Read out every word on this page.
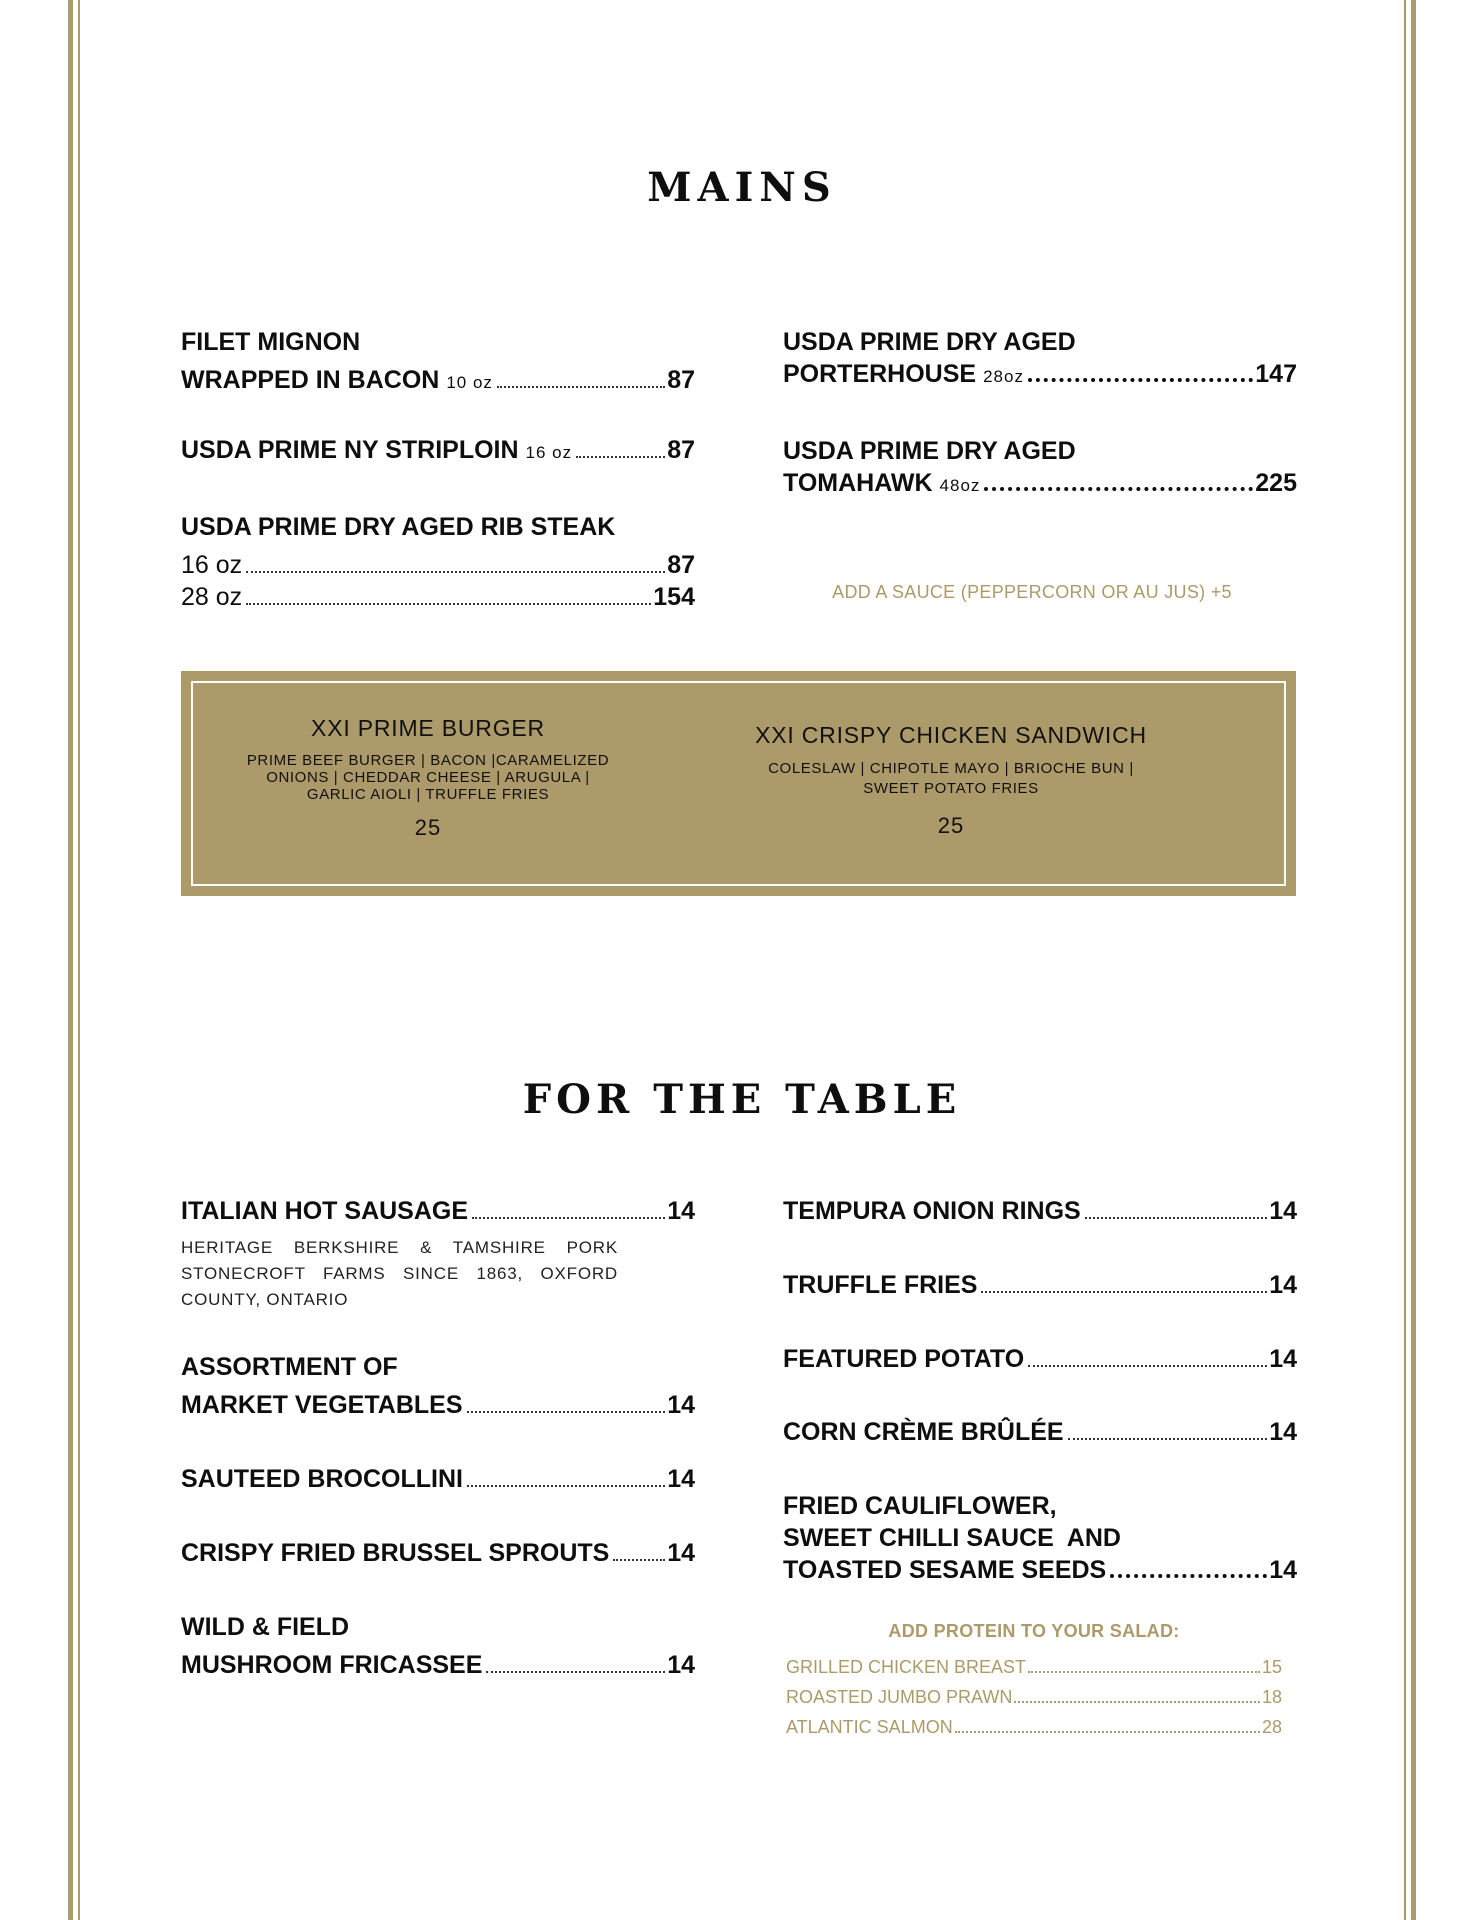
MAINS
FILET MIGNON
WRAPPED IN BACON 10 oz	87
USDA PRIME NY STRIPLOIN 16 oz	87
USDA PRIME DRY AGED RIB STEAK
16 oz	87
28 oz	154
USDA PRIME DRY AGED
PORTERHOUSE 28oz	147
USDA PRIME DRY AGED
TOMAHAWK 48oz	225
ADD A SAUCE (PEPPERCORN OR AU JUS) +5
XXI PRIME BURGER
PRIME BEEF BURGER | BACON |CARAMELIZED
ONIONS | CHEDDAR CHEESE | ARUGULA |
GARLIC AIOLI | TRUFFLE FRIES
25
XXI CRISPY CHICKEN SANDWICH
COLESLAW | CHIPOTLE MAYO | BRIOCHE BUN |
SWEET POTATO FRIES
25
FOR THE TABLE
ITALIAN HOT SAUSAGE	14
HERITAGE BERKSHIRE & TAMSHIRE PORK STONECROFT FARMS SINCE 1863, OXFORD COUNTY, ONTARIO
ASSORTMENT OF
MARKET VEGETABLES	14
SAUTEED BROCOLLINI	14
CRISPY FRIED BRUSSEL SPROUTS 14
WILD & FIELD
MUSHROOM FRICASSEE	14
TEMPURA ONION RINGS	14
TRUFFLE FRIES	14
FEATURED POTATO	14
CORN CRÈME BRÛLÉE	14
FRIED CAULIFLOWER,
SWEET CHILLI SAUCE  AND
TOASTED SESAME SEEDS	14
ADD PROTEIN TO YOUR SALAD:
GRILLED CHICKEN BREAST	15
ROASTED JUMBO PRAWN	18
ATLANTIC SALMON	28
